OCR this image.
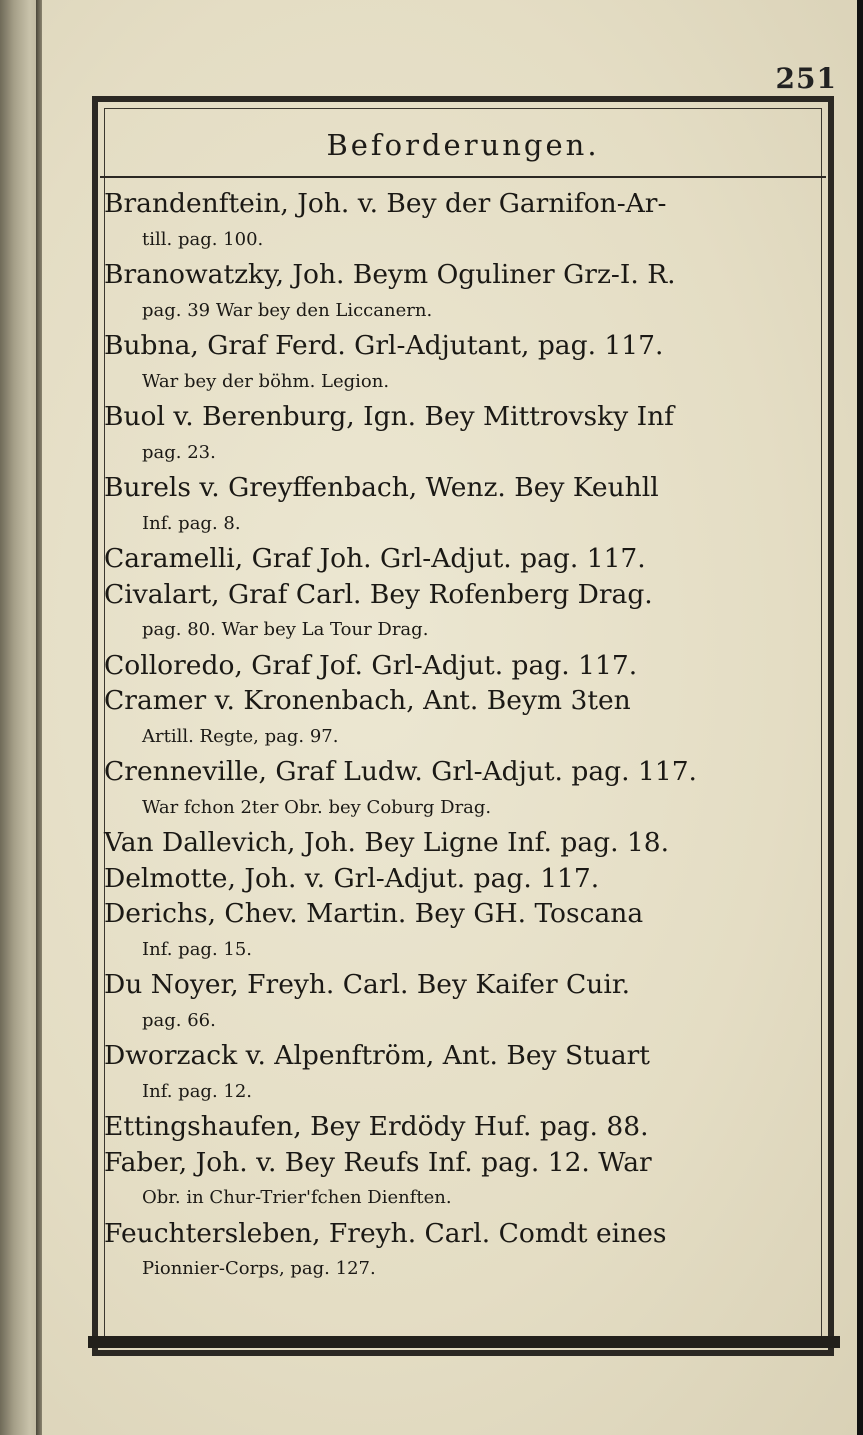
251
Beforderungen.
Brandenftein, Joh. v. Bey der Garnifon-Ar-
till. pag. 100.
Branowatzky, Joh. Beym Oguliner Grz-I. R.
pag. 39 War bey den Liccanern.
Bubna, Graf Ferd. Grl-Adjutant, pag. 117.
War bey der böhm. Legion.
Buol v. Berenburg, Ign. Bey Mittrovsky Inf
pag. 23.
Burels v. Greyffenbach, Wenz. Bey Keuhll
Inf. pag. 8.
Caramelli, Graf Joh. Grl-Adjut. pag. 117.
Civalart, Graf Carl. Bey Rofenberg Drag.
pag. 80. War bey La Tour Drag.
Colloredo, Graf Jof. Grl-Adjut. pag. 117.
Cramer v. Kronenbach, Ant. Beym 3ten
Artill. Regte, pag. 97.
Crenneville, Graf Ludw. Grl-Adjut. pag. 117.
War fchon 2ter Obr. bey Coburg Drag.
Van Dallevich, Joh. Bey Ligne Inf. pag. 18.
Delmotte, Joh. v. Grl-Adjut. pag. 117.
Derichs, Chev. Martin. Bey GH. Toscana
Inf. pag. 15.
Du Noyer, Freyh. Carl. Bey Kaifer Cuir.
pag. 66.
Dworzack v. Alpenftröm, Ant. Bey Stuart
Inf. pag. 12.
Ettingshaufen, Bey Erdödy Huf. pag. 88.
Faber, Joh. v. Bey Reufs Inf. pag. 12. War
Obr. in Chur-Trier'fchen Dienften.
Feuchtersleben, Freyh. Carl. Comdt eines
Pionnier-Corps, pag. 127.
